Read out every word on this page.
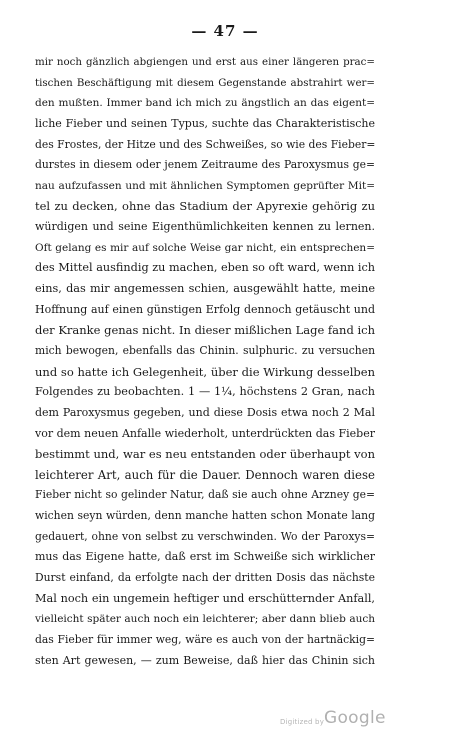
— 47 —
mir noch gänzlich abgiengen und erst aus einer längeren prac=
tischen Beschäftigung mit diesem Gegenstande abstrahirt wer=
den mußten. Immer band ich mich zu ängstlich an das eigent=
liche Fieber und seinen Typus, suchte das Charakteristische
des Frostes, der Hitze und des Schweißes, so wie des Fieber=
durstes in diesem oder jenem Zeitraume des Paroxysmus ge=
nau aufzufassen und mit ähnlichen Symptomen geprüfter Mit=
tel zu decken, ohne das Stadium der Apyrexie gehörig zu
würdigen und seine Eigenthümlichkeiten kennen zu lernen.
Oft gelang es mir auf solche Weise gar nicht, ein entsprechen=
des Mittel ausfindig zu machen, eben so oft ward, wenn ich
eins, das mir angemessen schien, ausgewählt hatte, meine
Hoffnung auf einen günstigen Erfolg dennoch getäuscht und
der Kranke genas nicht. In dieser mißlichen Lage fand ich
mich bewogen, ebenfalls das Chinin. sulphuric. zu versuchen
und so hatte ich Gelegenheit, über die Wirkung desselben
Folgendes zu beobachten. 1 — 1¼, höchstens 2 Gran, nach
dem Paroxysmus gegeben, und diese Dosis etwa noch 2 Mal
vor dem neuen Anfalle wiederholt, unterdrückten das Fieber
bestimmt und, war es neu entstanden oder überhaupt von
leichterer Art, auch für die Dauer. Dennoch waren diese
Fieber nicht so gelinder Natur, daß sie auch ohne Arzney ge=
wichen seyn würden, denn manche hatten schon Monate lang
gedauert, ohne von selbst zu verschwinden. Wo der Paroxys=
mus das Eigene hatte, daß erst im Schweiße sich wirklicher
Durst einfand, da erfolgte nach der dritten Dosis das nächste
Mal noch ein ungemein heftiger und erschütternder Anfall,
vielleicht später auch noch ein leichterer; aber dann blieb auch
das Fieber für immer weg, wäre es auch von der hartnäckig=
sten Art gewesen, — zum Beweise, daß hier das Chinin sich
Digitized by Google
